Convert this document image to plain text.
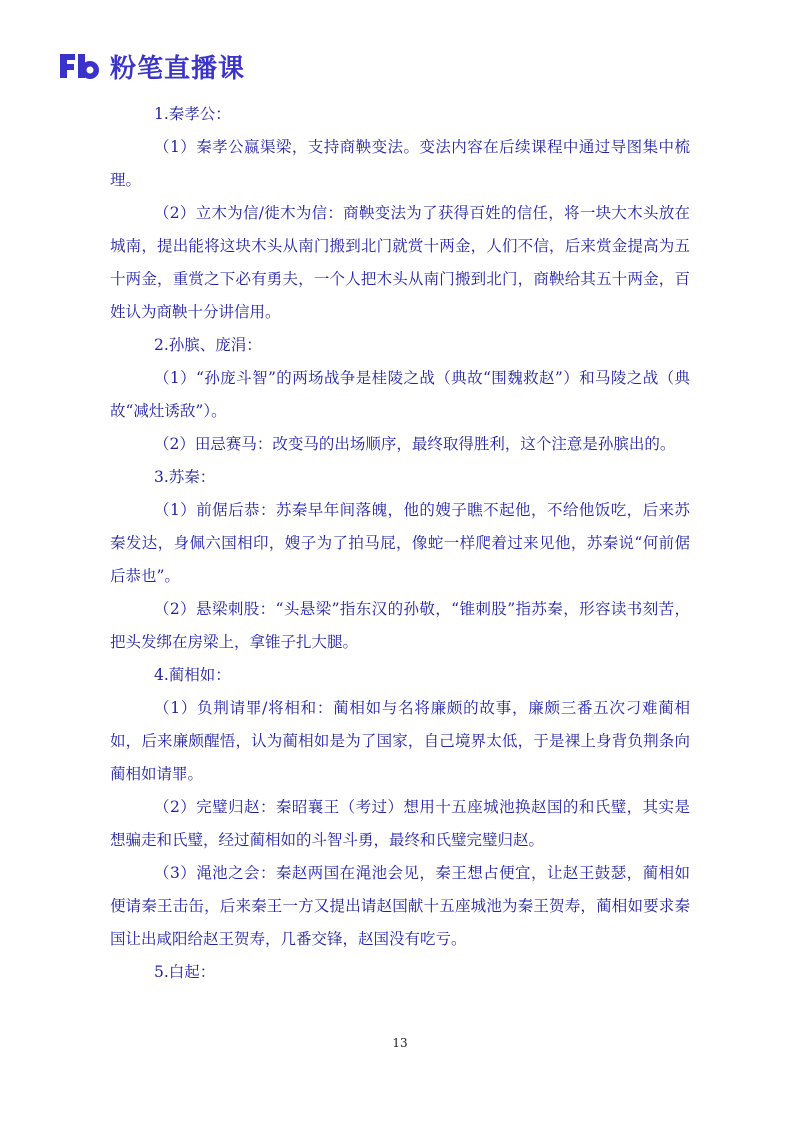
粉笔直播课

1.秦孝公：

（1）秦孝公嬴渠梁，支持商鞅变法。变法内容在后续课程中通过导图集中梳理。

（2）立木为信/徙木为信：商鞅变法为了获得百姓的信任，将一块大木头放在城南，提出能将这块木头从南门搬到北门就赏十两金，人们不信，后来赏金提高为五十两金，重赏之下必有勇夫，一个人把木头从南门搬到北门，商鞅给其五十两金，百姓认为商鞅十分讲信用。

2.孙膑、庞涓：

（1）“孙庞斗智”的两场战争是桂陵之战（典故“围魏救赵”）和马陵之战（典故“减灶诱敌”）。

（2）田忌赛马：改变马的出场顺序，最终取得胜利，这个注意是孙膑出的。

3.苏秦：

（1）前倨后恭：苏秦早年间落魄，他的嫂子瞧不起他，不给他饭吃，后来苏秦发达，身佩六国相印，嫂子为了拍马屁，像蛇一样爬着过来见他，苏秦说“何前倨后恭也”。

（2）悬梁刺股：“头悬梁”指东汉的孙敬，“锥刺股”指苏秦，形容读书刻苦，把头发绑在房梁上，拿锥子扎大腿。

4.蔺相如：

（1）负荆请罪/将相和：蔺相如与名将廉颇的故事，廉颇三番五次刁难蔺相如，后来廉颇醒悟，认为蔺相如是为了国家，自己境界太低，于是裸上身背负荆条向蔺相如请罪。

（2）完璧归赵：秦昭襄王（考过）想用十五座城池换赵国的和氏璧，其实是想骗走和氏璧，经过蔺相如的斗智斗勇，最终和氏璧完璧归赵。

（3）渑池之会：秦赵两国在渑池会见，秦王想占便宜，让赵王鼓瑟，蔺相如便请秦王击缶，后来秦王一方又提出请赵国献十五座城池为秦王贺寿，蔺相如要求秦国让出咸阳给赵王贺寿，几番交锋，赵国没有吃亏。

5.白起：

13
